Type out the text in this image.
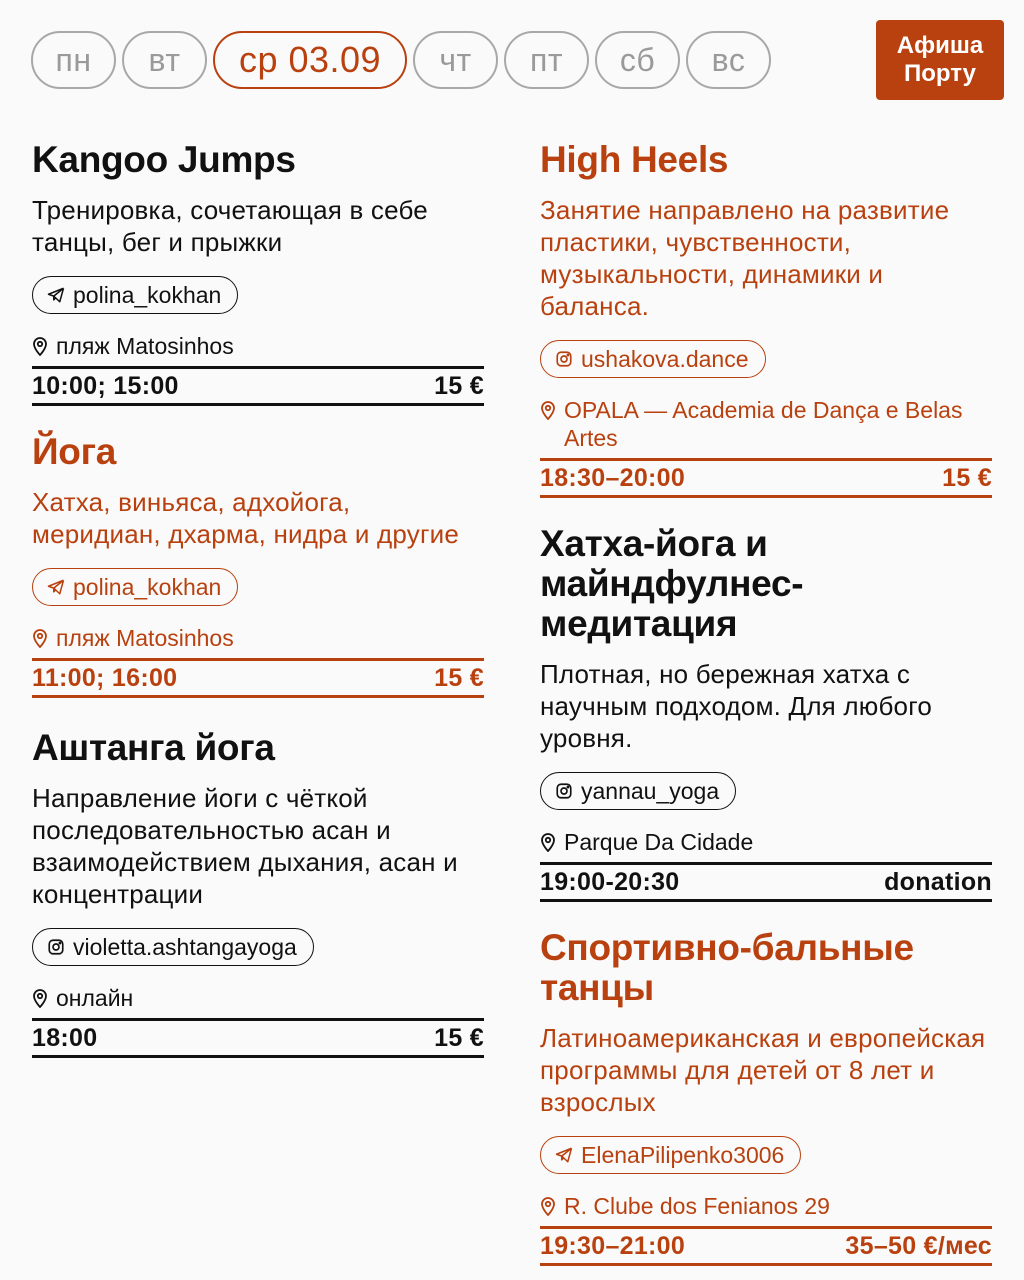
пн	вт	ср 03.09	чт	пт	сб	вс	Афиша
Порту
Kangoo Jumps
Тренировка, сочетающая в себе танцы, бег и прыжки
polina_kokhan
пляж Matosinhos
10:00; 15:00	15 €
Йога
Хатха, виньяса, адхойога, меридиан, дхарма, нидра и другие
polina_kokhan
пляж Matosinhos
11:00; 16:00	15 €
Аштанга йога
Направление йоги с чёткой последовательностью асан и взаимодействием дыхания, асан и концентрации
violetta.ashtangayoga
онлайн
18:00	15 €
High Heels
Занятие направлено на развитие пластики, чувственности, музыкальности, динамики и баланса.
ushakova.dance
OPALA — Academia de Dança e Belas Artes
18:30–20:00	15 €
Хатха-йога и майндфулнес-медитация
Плотная, но бережная хатха с научным подходом. Для любого уровня.
yannau_yoga
Parque Da Cidade
19:00-20:30	donation
Спортивно-бальные танцы
Латиноамериканская и европейская программы для детей от 8 лет и взрослых
ElenaPilipenko3006
R. Clube dos Fenianos 29
19:30–21:00	35–50 €/мес
